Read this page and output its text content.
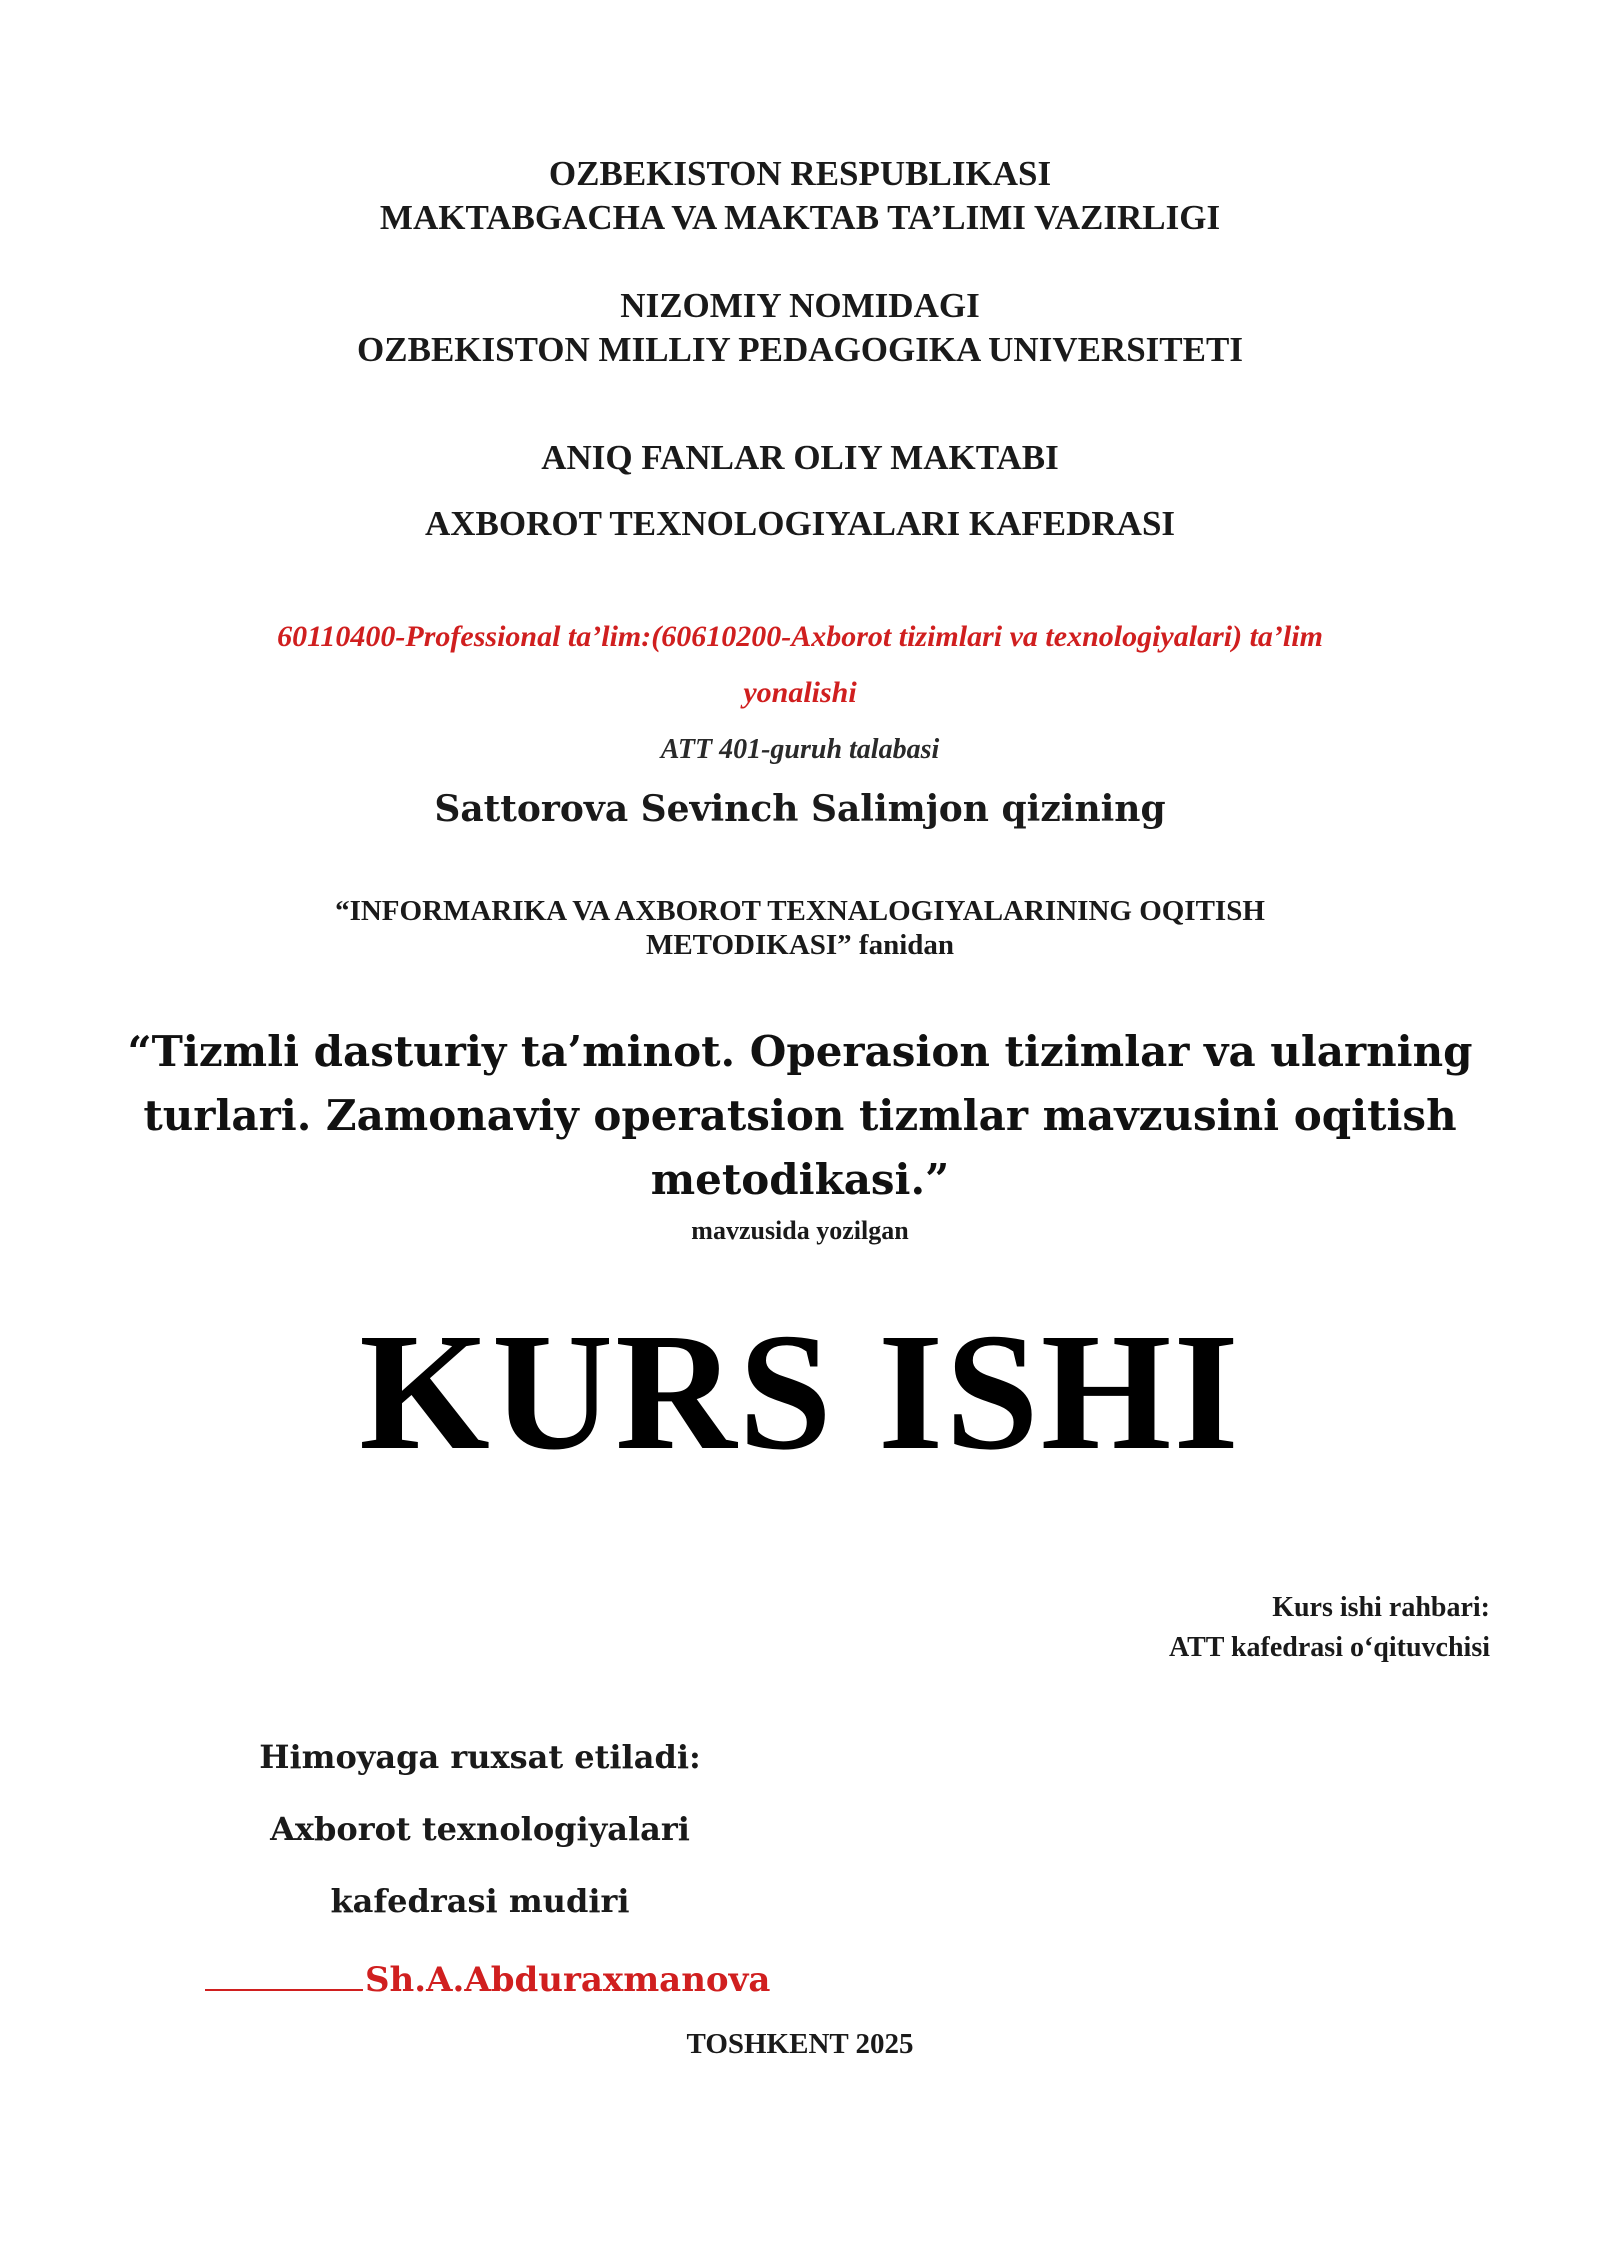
OZBEKISTON RESPUBLIKASI
MAKTABGACHA VA MAKTAB TA’LIMI VAZIRLIGI
NIZOMIY NOMIDAGI
OZBEKISTON MILLIY PEDAGOGIKA UNIVERSITETI
ANIQ FANLAR OLIY MAKTABI
AXBOROT TEXNOLOGIYALARI KAFEDRASI
60110400-Professional ta’lim:(60610200-Axborot tizimlari va texnologiyalari) ta’lim
yonalishi
ATT 401-guruh talabasi
Sattorova Sevinch Salimjon qizining
“INFORMARIKA VA AXBOROT TEXNALOGIYALARINING OQITISH
METODIKASI” fanidan
“Tizmli dasturiy ta’minot. Operasion tizimlar va ularning
turlari. Zamonaviy operatsion tizmlar mavzusini oqitish
metodikasi.”
mavzusida yozilgan
KURS ISHI
Kurs ishi rahbari:
ATT kafedrasi o‘qituvchisi
Himoyaga ruxsat etiladi:
Axborot texnologiyalari
kafedrasi mudiri
Sh.A.Abduraxmanova
TOSHKENT 2025
